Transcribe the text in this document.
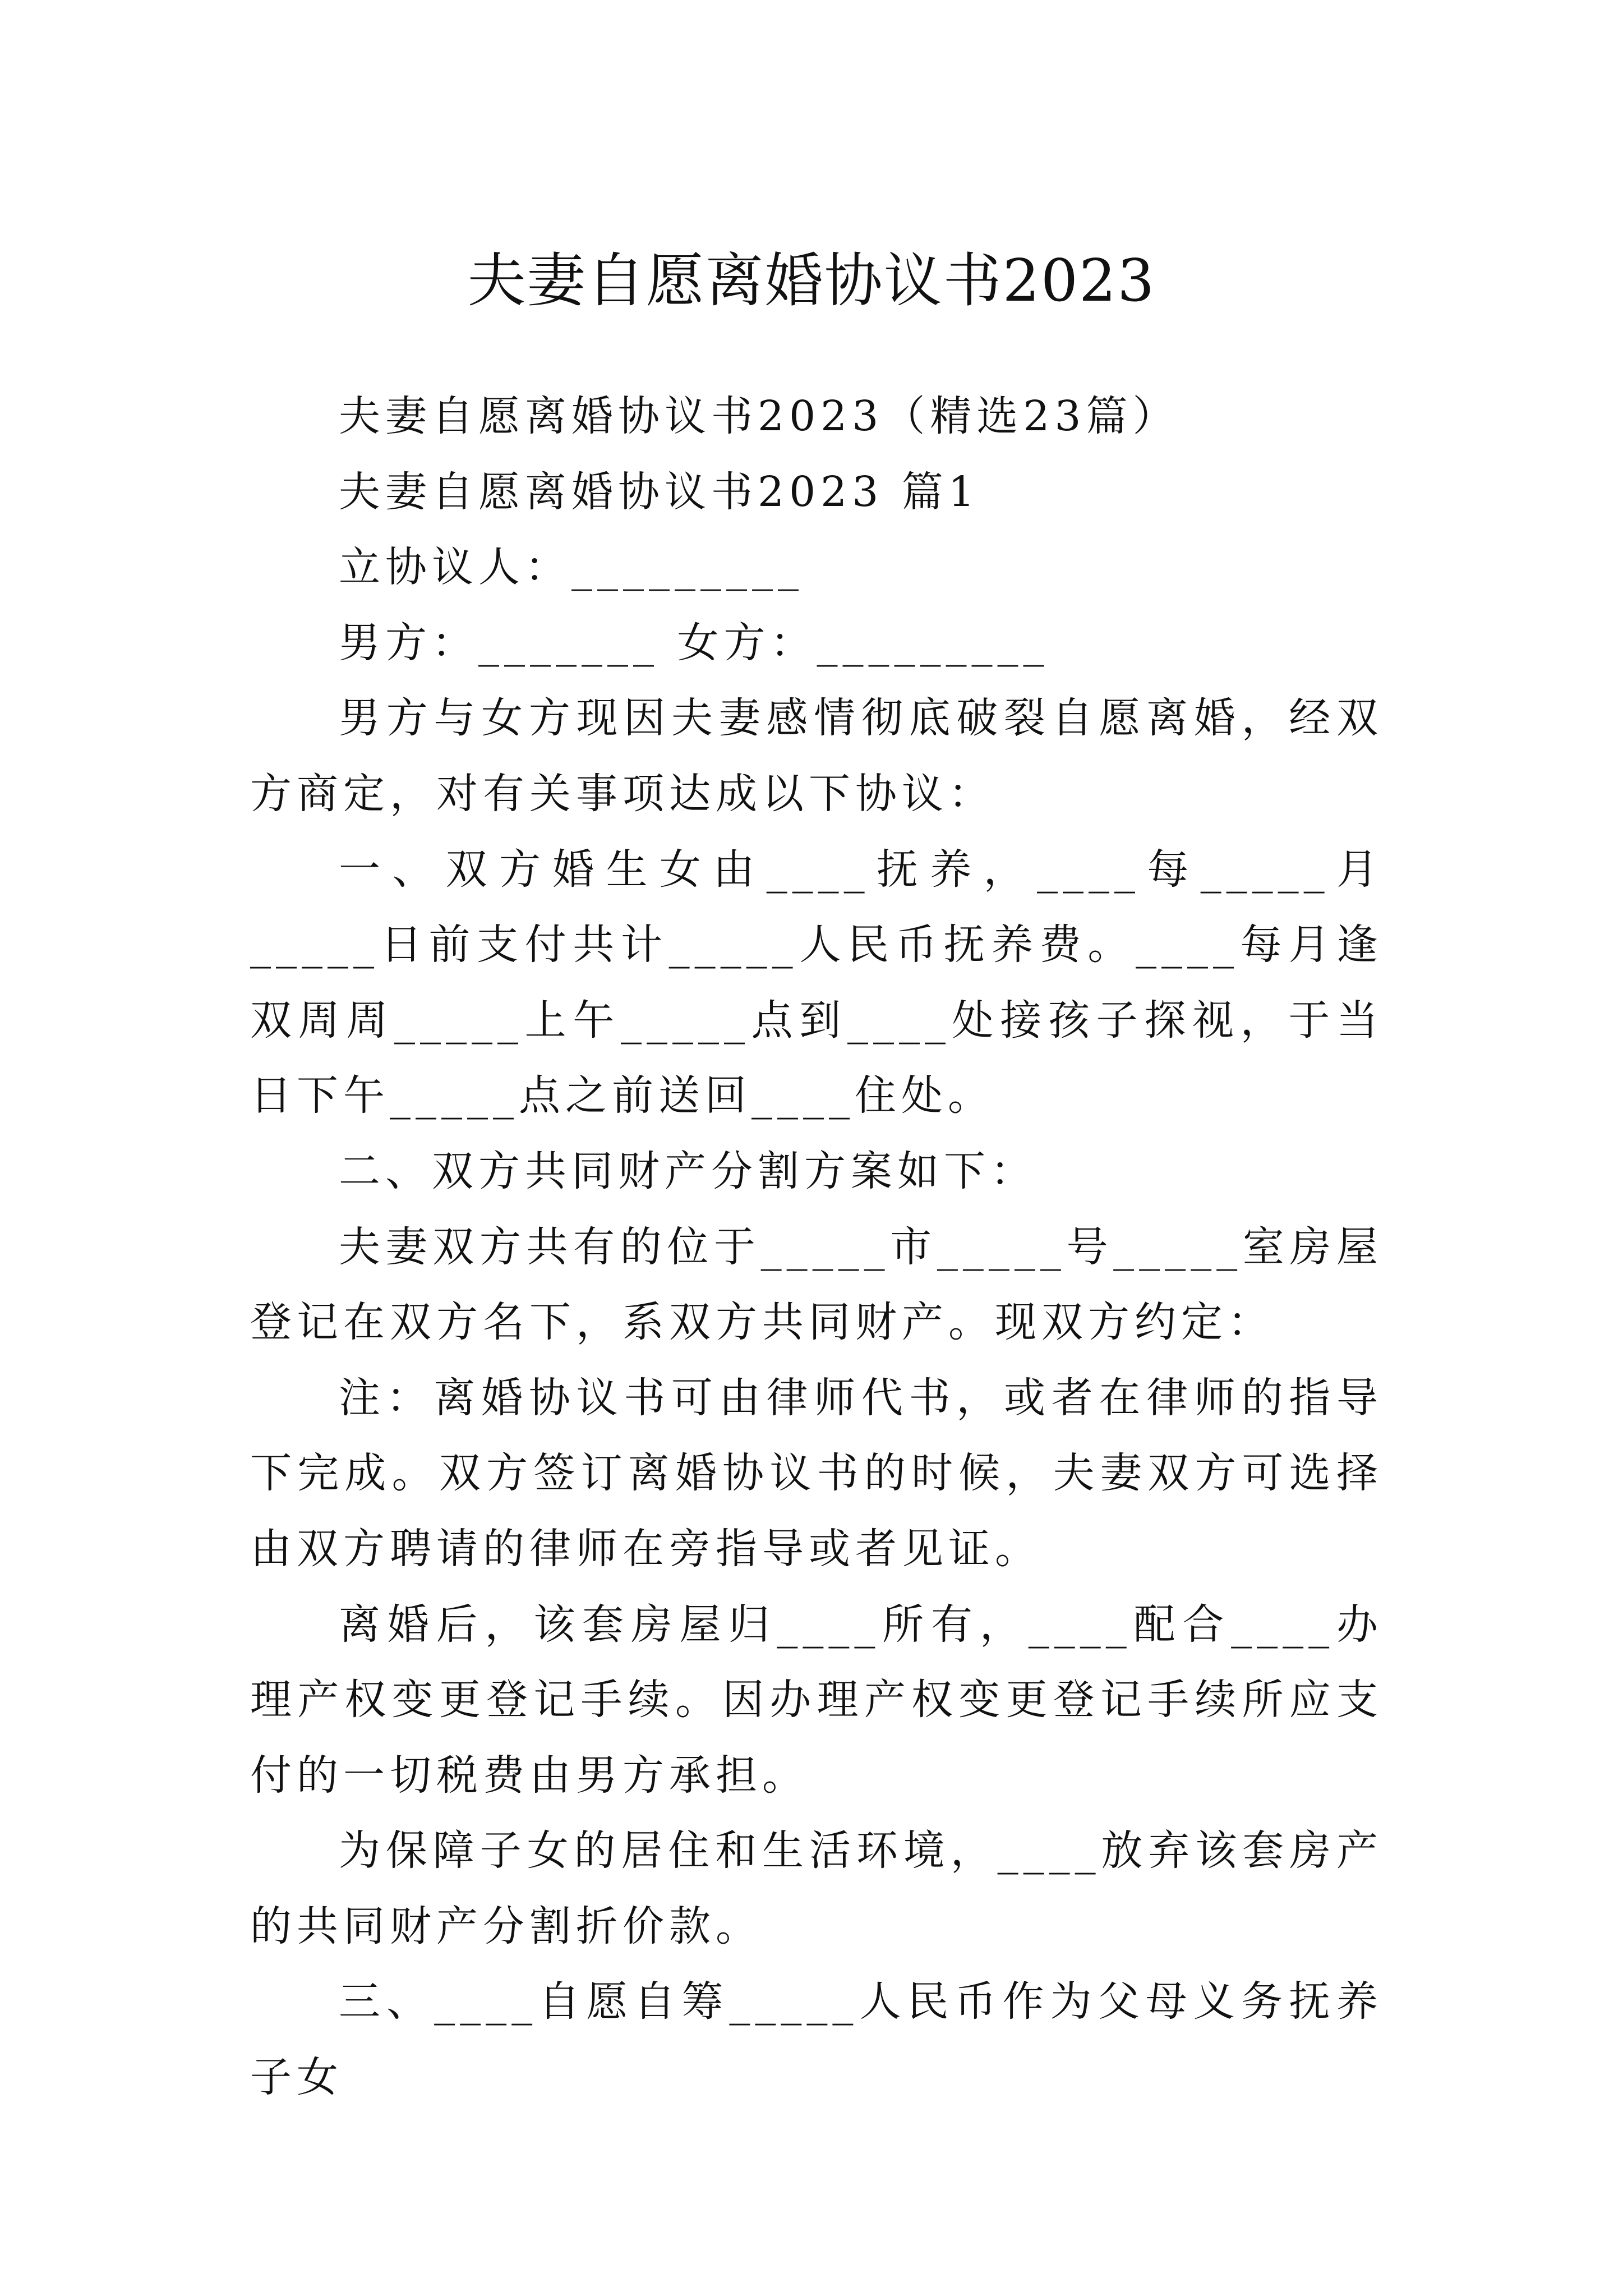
夫妻自愿离婚协议书2023

夫妻自愿离婚协议书2023（精选23篇）

夫妻自愿离婚协议书2023 篇1

立协议人：_________

男方：_______ 女方：_________

男方与女方现因夫妻感情彻底破裂自愿离婚，经双方商定，对有关事项达成以下协议：

一、双方婚生女由____抚养，____每_____月_____日前支付共计_____人民币抚养费。____每月逢双周周_____上午_____点到____处接孩子探视，于当日下午_____点之前送回____住处。

二、双方共同财产分割方案如下：

夫妻双方共有的位于_____市_____号_____室房屋登记在双方名下，系双方共同财产。现双方约定：

注：离婚协议书可由律师代书，或者在律师的指导下完成。双方签订离婚协议书的时候，夫妻双方可选择由双方聘请的律师在旁指导或者见证。

离婚后，该套房屋归____所有，____配合____办理产权变更登记手续。因办理产权变更登记手续所应支付的一切税费由男方承担。

为保障子女的居住和生活环境，____放弃该套房产的共同财产分割折价款。

三、____自愿自筹_____人民币作为父母义务抚养子女
